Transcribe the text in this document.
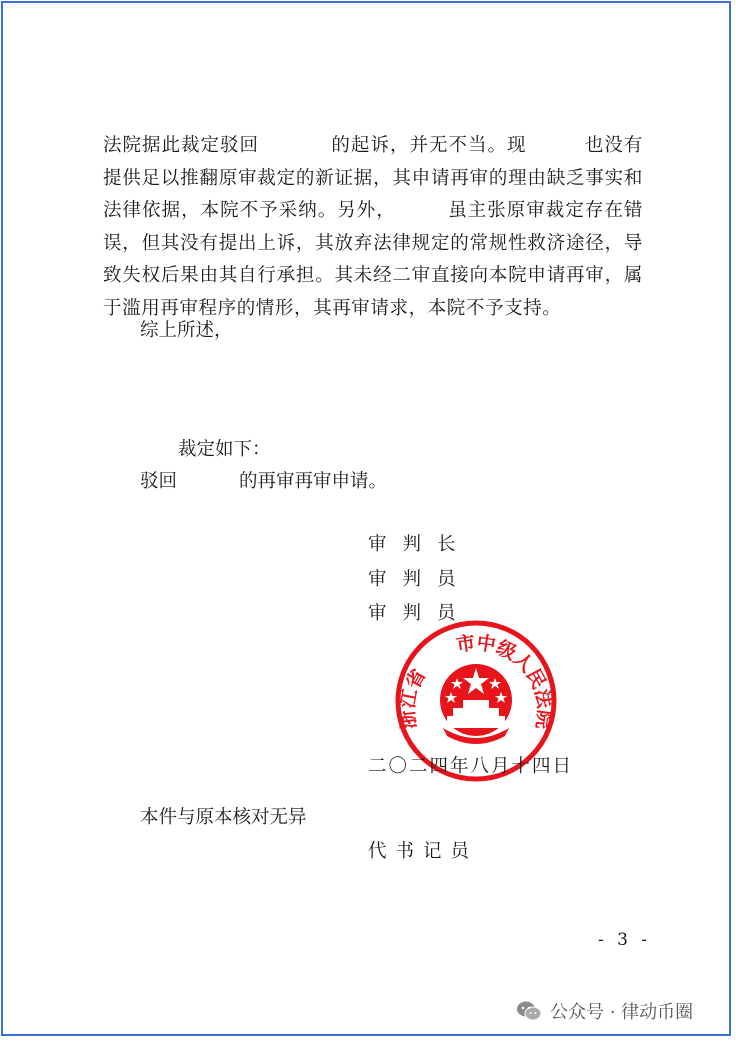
法院据此裁定驳回	的起诉，并无不当。现	也没有提供足以推翻原审裁定的新证据，其申请再审的理由缺乏事实和法律依据，本院不予采纳。另外，	虽主张原审裁定存在错误，但其没有提出上诉，其放弃法律规定的常规性救济途径，导致失权后果由其自行承担。其未经二审直接向本院申请再审，属于滥用再审程序的情形，其再审请求，本院不予支持。
综上所述，
裁定如下：
驳回	的再审再审申请。
审判长
审判员
审判员
浙江省　　市中级人民法院
二〇二四年八月十四日
本件与原本核对无异
代书记员
- 3 -
公众号 · 律动币圈
